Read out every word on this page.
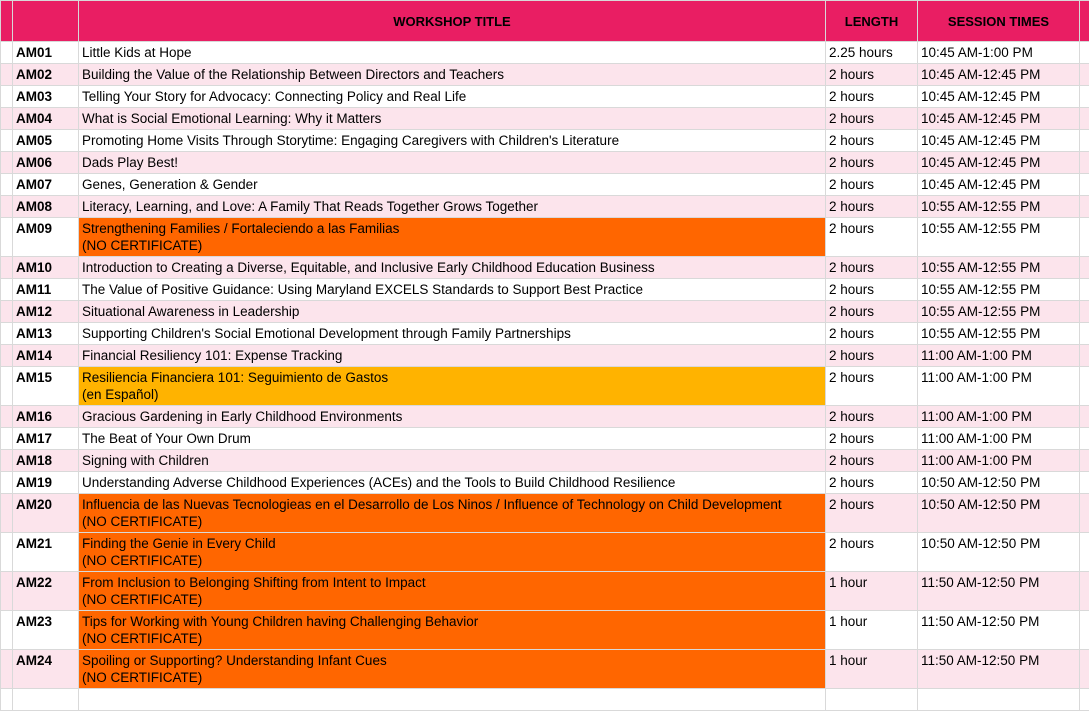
		WORKSHOP TITLE	LENGTH	SESSION TIMES	
	AM01	Little Kids at Hope	2.25 hours	10:45 AM-1:00 PM	
	AM02	Building the Value of the Relationship Between Directors and Teachers	2 hours	10:45 AM-12:45 PM	
	AM03	Telling Your Story for Advocacy: Connecting Policy and Real Life	2 hours	10:45 AM-12:45 PM	
	AM04	What is Social Emotional Learning: Why it Matters	2 hours	10:45 AM-12:45 PM	
	AM05	Promoting Home Visits Through Storytime: Engaging Caregivers with Children's Literature	2 hours	10:45 AM-12:45 PM	
	AM06	Dads Play Best!	2 hours	10:45 AM-12:45 PM	
	AM07	Genes, Generation & Gender	2 hours	10:45 AM-12:45 PM	
	AM08	Literacy, Learning, and Love: A Family That Reads Together Grows Together	2 hours	10:55 AM-12:55 PM	
	AM09	Strengthening Families / Fortaleciendo a las Familias
(NO CERTIFICATE)	2 hours	10:55 AM-12:55 PM	
	AM10	Introduction to Creating a Diverse, Equitable, and Inclusive Early Childhood Education Business	2 hours	10:55 AM-12:55 PM	
	AM11	The Value of Positive Guidance: Using Maryland EXCELS Standards to Support Best Practice	2 hours	10:55 AM-12:55 PM	
	AM12	Situational Awareness in Leadership	2 hours	10:55 AM-12:55 PM	
	AM13	Supporting Children's Social Emotional Development through Family Partnerships	2 hours	10:55 AM-12:55 PM	
	AM14	Financial Resiliency 101: Expense Tracking	2 hours	11:00 AM-1:00 PM	
	AM15	Resiliencia Financiera 101: Seguimiento de Gastos
(en Español)	2 hours	11:00 AM-1:00 PM	
	AM16	Gracious Gardening in Early Childhood Environments	2 hours	11:00 AM-1:00 PM	
	AM17	The Beat of Your Own Drum	2 hours	11:00 AM-1:00 PM	
	AM18	Signing with Children	2 hours	11:00 AM-1:00 PM	
	AM19	Understanding Adverse Childhood Experiences (ACEs) and the Tools to Build Childhood Resilience	2 hours	10:50 AM-12:50 PM	
	AM20	Influencia de las Nuevas Tecnologieas en el Desarrollo de Los Ninos / Influence of Technology on Child Development
(NO CERTIFICATE)	2 hours	10:50 AM-12:50 PM	
	AM21	Finding the Genie in Every Child
(NO CERTIFICATE)	2 hours	10:50 AM-12:50 PM	
	AM22	From Inclusion to Belonging Shifting from Intent to Impact
(NO CERTIFICATE)	1 hour	11:50 AM-12:50 PM	
	AM23	Tips for Working with Young Children having Challenging Behavior
(NO CERTIFICATE)	1 hour	11:50 AM-12:50 PM	
	AM24	Spoiling or Supporting? Understanding Infant Cues
(NO CERTIFICATE)	1 hour	11:50 AM-12:50 PM	
